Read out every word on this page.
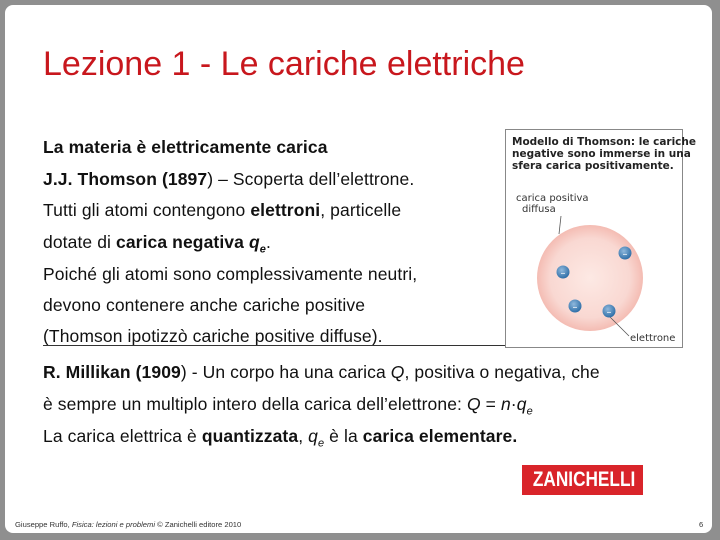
Lezione 1 - Le cariche elettriche
La materia è elettricamente carica
J.J. Thomson (1897) – Scoperta dell’elettrone.
Tutti gli atomi contengono elettroni, particelle
dotate di carica negativa $q_e$.
Poiché gli atomi sono complessivamente neutri,
devono contenere anche cariche positive
(Thomson ipotizzò cariche positive diffuse).
R. Millikan (1909) - Un corpo ha una carica Q, positiva o negativa, che
è sempre un multiplo intero della carica dell’elettrone: $Q = n\cdot q_e$
La carica elettrica è quantizzata, $q_e$ è la carica elementare.
Modello di Thomson: le cariche
negative sono immerse in una
sfera carica positivamente.
carica positiva
diffusa
–
–
–	–
elettrone
ZANICHELLI
Giuseppe Ruffo, Fisica: lezioni e problemi © Zanichelli editore 2010	6
